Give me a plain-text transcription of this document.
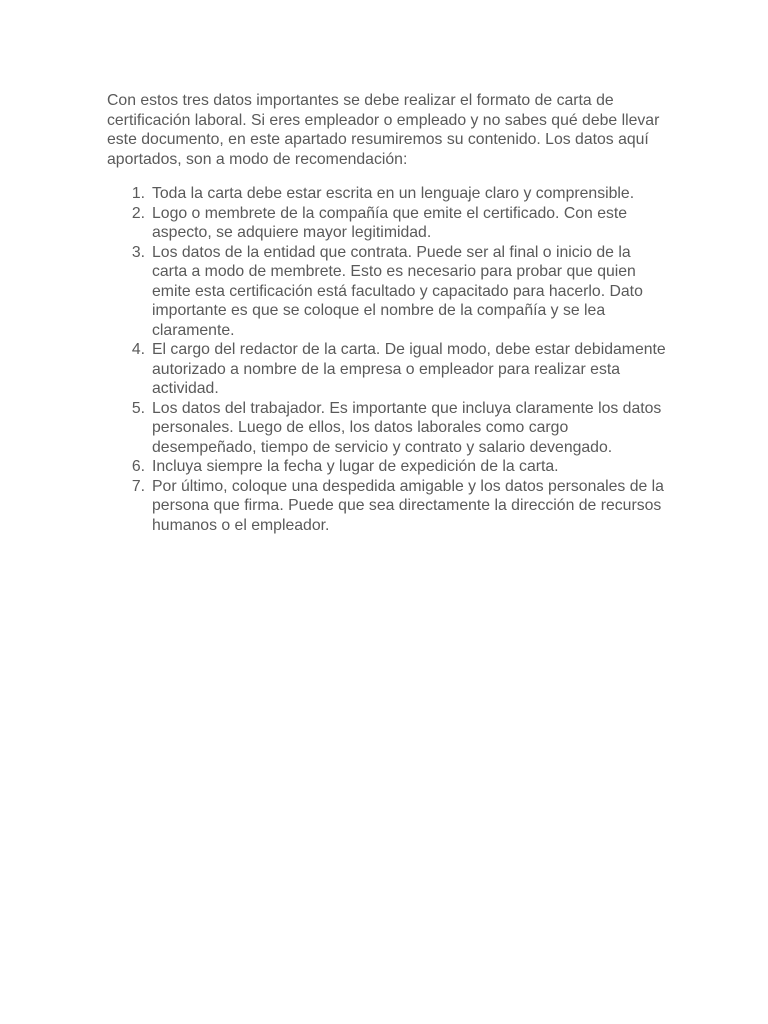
Con estos tres datos importantes se debe realizar el formato de carta de certificación laboral. Si eres empleador o empleado y no sabes qué debe llevar este documento, en este apartado resumiremos su contenido. Los datos aquí aportados, son a modo de recomendación:

1. Toda la carta debe estar escrita en un lenguaje claro y comprensible.
2. Logo o membrete de la compañía que emite el certificado. Con este aspecto, se adquiere mayor legitimidad.
3. Los datos de la entidad que contrata. Puede ser al final o inicio de la carta a modo de membrete. Esto es necesario para probar que quien emite esta certificación está facultado y capacitado para hacerlo. Dato importante es que se coloque el nombre de la compañía y se lea claramente.
4. El cargo del redactor de la carta. De igual modo, debe estar debidamente autorizado a nombre de la empresa o empleador para realizar esta actividad.
5. Los datos del trabajador. Es importante que incluya claramente los datos personales. Luego de ellos, los datos laborales como cargo desempeñado, tiempo de servicio y contrato y salario devengado.
6. Incluya siempre la fecha y lugar de expedición de la carta.
7. Por último, coloque una despedida amigable y los datos personales de la persona que firma. Puede que sea directamente la dirección de recursos humanos o el empleador.
